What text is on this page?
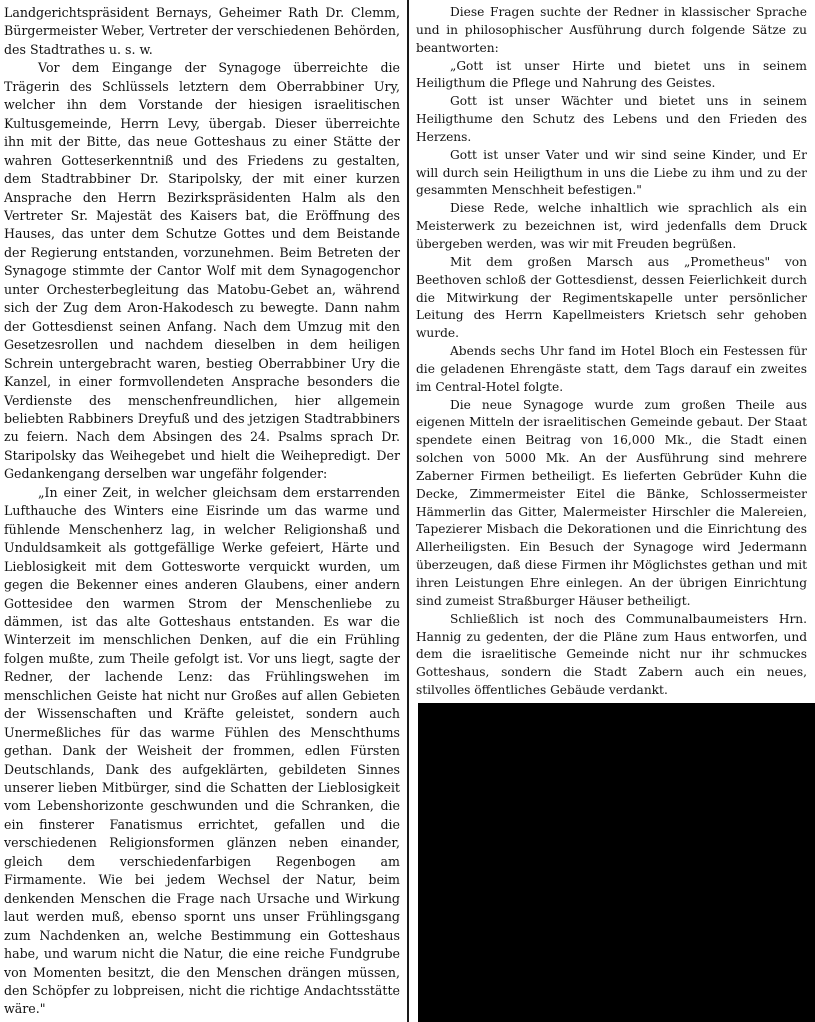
Landgerichtspräsident Bernays, Geheimer Rath Dr. Clemm, Bürgermeister Weber, Vertreter der verschiedenen Behörden, des Stadtrathes u. s. w.

Vor dem Eingange der Synagoge überreichte die Trägerin des Schlüssels letztern dem Oberrabbiner Ury, welcher ihn dem Vorstande der hiesigen israelitischen Kultusgemeinde, Herrn Levy, übergab. Dieser überreichte ihn mit der Bitte, das neue Gotteshaus zu einer Stätte der wahren Gotteserkenntniß und des Friedens zu gestalten, dem Stadtrabbiner Dr. Staripolsky, der mit einer kurzen Ansprache den Herrn Bezirkspräsidenten Halm als den Vertreter Sr. Majestät des Kaisers bat, die Eröffnung des Hauses, das unter dem Schutze Gottes und dem Beistande der Regierung entstanden, vorzunehmen. Beim Betreten der Synagoge stimmte der Cantor Wolf mit dem Synagogenchor unter Orchesterbegleitung das Matobu-Gebet an, während sich der Zug dem Aron-Hakodesch zu bewegte. Dann nahm der Gottesdienst seinen Anfang. Nach dem Umzug mit den Gesetzesrollen und nachdem dieselben in dem heiligen Schrein untergebracht waren, bestieg Oberrabbiner Ury die Kanzel, in einer formvollendeten Ansprache besonders die Verdienste des menschenfreundlichen, hier allgemein beliebten Rabbiners Dreyfuß und des jetzigen Stadtrabbiners zu feiern. Nach dem Absingen des 24. Psalms sprach Dr. Staripolsky das Weihegebet und hielt die Weihepredigt. Der Gedankengang derselben war ungefähr folgender:

„In einer Zeit, in welcher gleichsam dem erstarrenden Lufthauche des Winters eine Eisrinde um das warme und fühlende Menschenherz lag, in welcher Religionshaß und Unduldsamkeit als gottgefällige Werke gefeiert, Härte und Lieblosigkeit mit dem Gottesworte verquickt wurden, um gegen die Bekenner eines anderen Glaubens, einer andern Gottesidee den warmen Strom der Menschenliebe zu dämmen, ist das alte Gotteshaus entstanden. Es war die Winterzeit im menschlichen Denken, auf die ein Frühling folgen mußte, zum Theile gefolgt ist. Vor uns liegt, sagte der Redner, der lachende Lenz: das Frühlingswehen im menschlichen Geiste hat nicht nur Großes auf allen Gebieten der Wissenschaften und Kräfte geleistet, sondern auch Unermeßliches für das warme Fühlen des Menschthums gethan. Dank der Weisheit der frommen, edlen Fürsten Deutschlands, Dank des aufgeklärten, gebildeten Sinnes unserer lieben Mitbürger, sind die Schatten der Lieblosigkeit vom Lebenshorizonte geschwunden und die Schranken, die ein finsterer Fanatismus errichtet, gefallen und die verschiedenen Religionsformen glänzen neben einander, gleich dem verschiedenfarbigen Regenbogen am Firmamente. Wie bei jedem Wechsel der Natur, beim denkenden Menschen die Frage nach Ursache und Wirkung laut werden muß, ebenso spornt uns unser Frühlingsgang zum Nachdenken an, welche Bestimmung ein Gotteshaus habe, und warum nicht die Natur, die eine reiche Fundgrube von Momenten besitzt, die den Menschen drängen müssen, den Schöpfer zu lobpreisen, nicht die richtige Andachtsstätte wäre."

Diese Fragen suchte der Redner in klassischer Sprache und in philosophischer Ausführung durch folgende Sätze zu beantworten:

„Gott ist unser Hirte und bietet uns in seinem Heiligthum die Pflege und Nahrung des Geistes.

Gott ist unser Wächter und bietet uns in seinem Heiligthume den Schutz des Lebens und den Frieden des Herzens.

Gott ist unser Vater und wir sind seine Kinder, und Er will durch sein Heiligthum in uns die Liebe zu ihm und zu der gesammten Menschheit befestigen."

Diese Rede, welche inhaltlich wie sprachlich als ein Meisterwerk zu bezeichnen ist, wird jedenfalls dem Druck übergeben werden, was wir mit Freuden begrüßen.

Mit dem großen Marsch aus „Prometheus" von Beethoven schloß der Gottesdienst, dessen Feierlichkeit durch die Mitwirkung der Regimentskapelle unter persönlicher Leitung des Herrn Kapellmeisters Krietsch sehr gehoben wurde.

Abends sechs Uhr fand im Hotel Bloch ein Festessen für die geladenen Ehrengäste statt, dem Tags darauf ein zweites im Central-Hotel folgte.

Die neue Synagoge wurde zum großen Theile aus eigenen Mitteln der israelitischen Gemeinde gebaut. Der Staat spendete einen Beitrag von 16,000 Mk., die Stadt einen solchen von 5000 Mk. An der Ausführung sind mehrere Zaberner Firmen betheiligt. Es lieferten Gebrüder Kuhn die Decke, Zimmermeister Eitel die Bänke, Schlossermeister Hämmerlin das Gitter, Malermeister Hirschler die Malereien, Tapezierer Misbach die Dekorationen und die Einrichtung des Allerheiligsten. Ein Besuch der Synagoge wird Jedermann überzeugen, daß diese Firmen ihr Möglichstes gethan und mit ihren Leistungen Ehre einlegen. An der übrigen Einrichtung sind zumeist Straßburger Häuser betheiligt.

Schließlich ist noch des Communalbaumeisters Hrn. Hannig zu gedenten, der die Pläne zum Haus entworfen, und dem die israelitische Gemeinde nicht nur ihr schmuckes Gotteshaus, sondern die Stadt Zabern auch ein neues, stilvolles öffentliches Gebäude verdankt.
